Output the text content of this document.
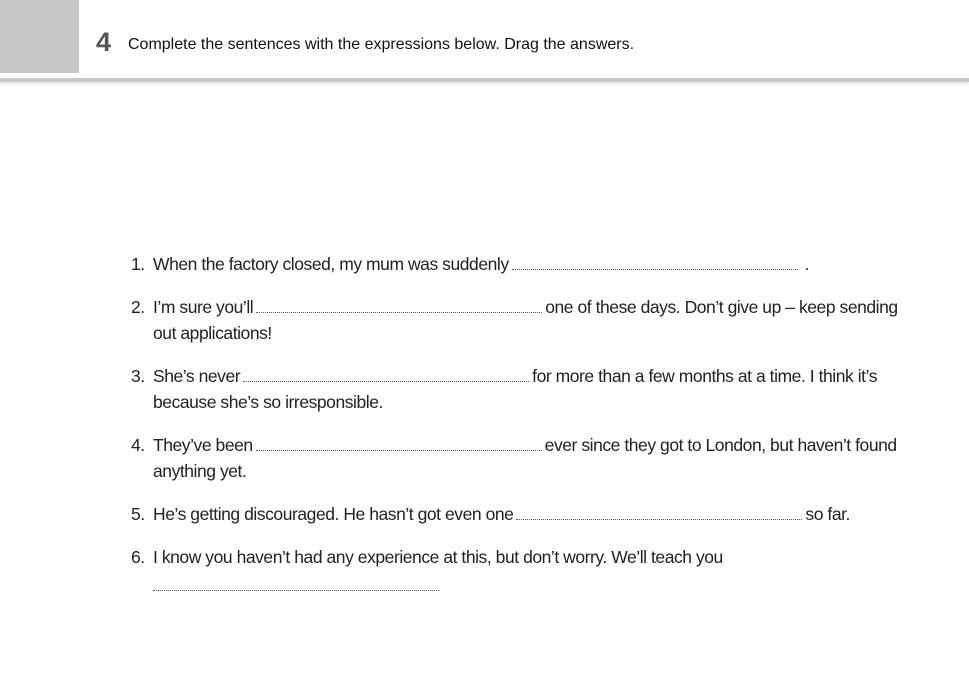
4 Complete the sentences with the expressions below. Drag the answers.
1. When the factory closed, my mum was suddenly	.
2. I’m sure you’ll	one of these days. Don’t give up – keep sending
out applications!
3. She’s never	for more than a few months at a time. I think it’s
because she’s so irresponsible.
4. They’ve been	ever since they got to London, but haven’t found
anything yet.
5. He’s getting discouraged. He hasn’t got even one	so far.
6. I know you haven’t had any experience at this, but don’t worry. We’ll teach you
